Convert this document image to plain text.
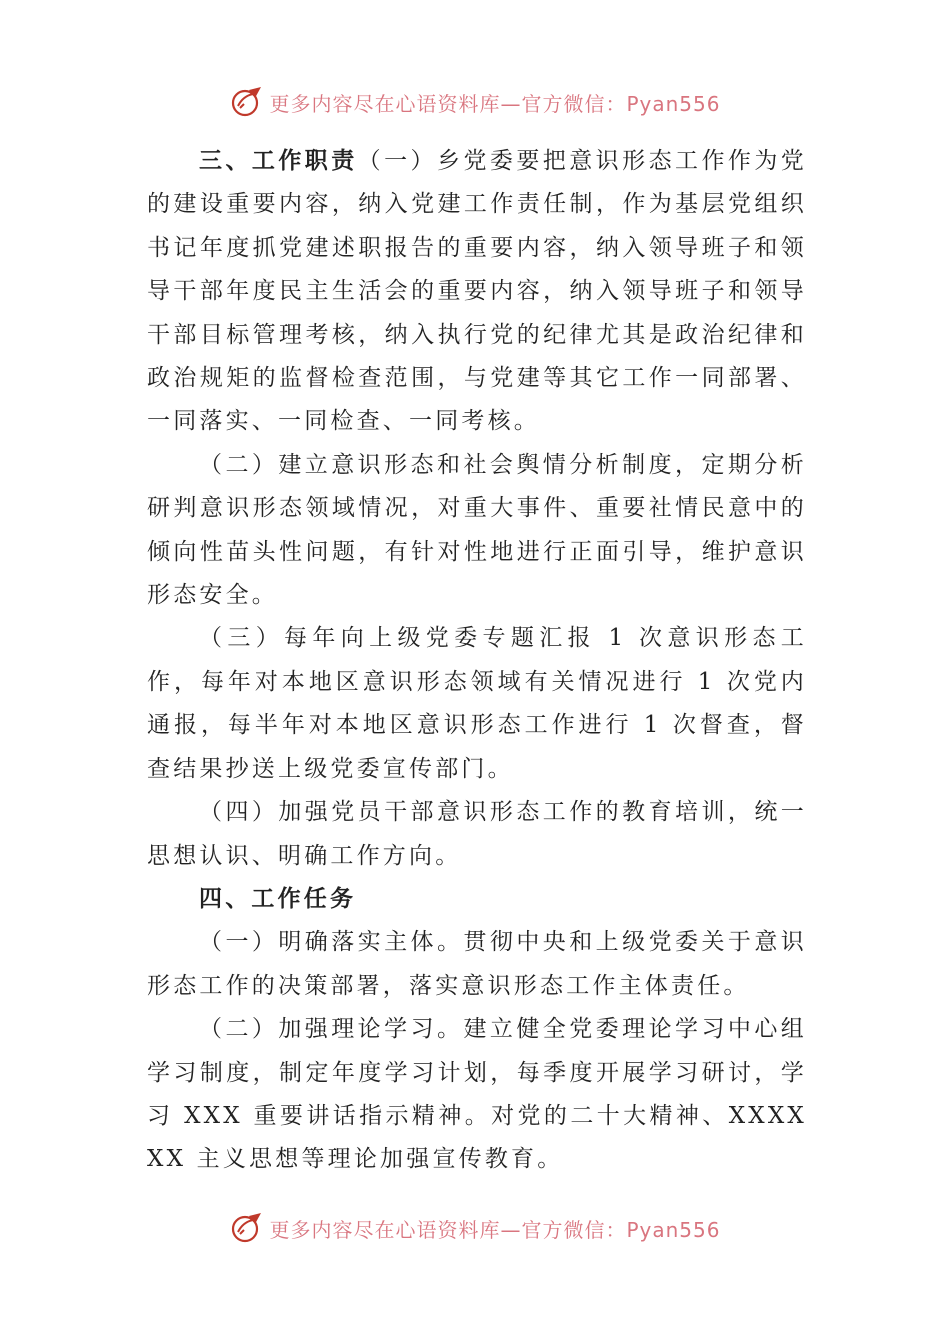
更多内容尽在心语资料库—官方微信：Pyan556

三、工作职责（一）乡党委要把意识形态工作作为党的建设重要内容，纳入党建工作责任制，作为基层党组织书记年度抓党建述职报告的重要内容，纳入领导班子和领导干部年度民主生活会的重要内容，纳入领导班子和领导干部目标管理考核，纳入执行党的纪律尤其是政治纪律和政治规矩的监督检查范围，与党建等其它工作一同部署、一同落实、一同检查、一同考核。

（二）建立意识形态和社会舆情分析制度，定期分析研判意识形态领域情况，对重大事件、重要社情民意中的倾向性苗头性问题，有针对性地进行正面引导，维护意识形态安全。

（三）每年向上级党委专题汇报 1 次意识形态工作，每年对本地区意识形态领域有关情况进行 1 次党内通报，每半年对本地区意识形态工作进行 1 次督查，督查结果抄送上级党委宣传部门。

（四）加强党员干部意识形态工作的教育培训，统一思想认识、明确工作方向。

四、工作任务

（一）明确落实主体。贯彻中央和上级党委关于意识形态工作的决策部署，落实意识形态工作主体责任。

（二）加强理论学习。建立健全党委理论学习中心组学习制度，制定年度学习计划，每季度开展学习研讨，学习 XXX 重要讲话指示精神。对党的二十大精神、XXXXXX 主义思想等理论加强宣传教育。

更多内容尽在心语资料库—官方微信：Pyan556
